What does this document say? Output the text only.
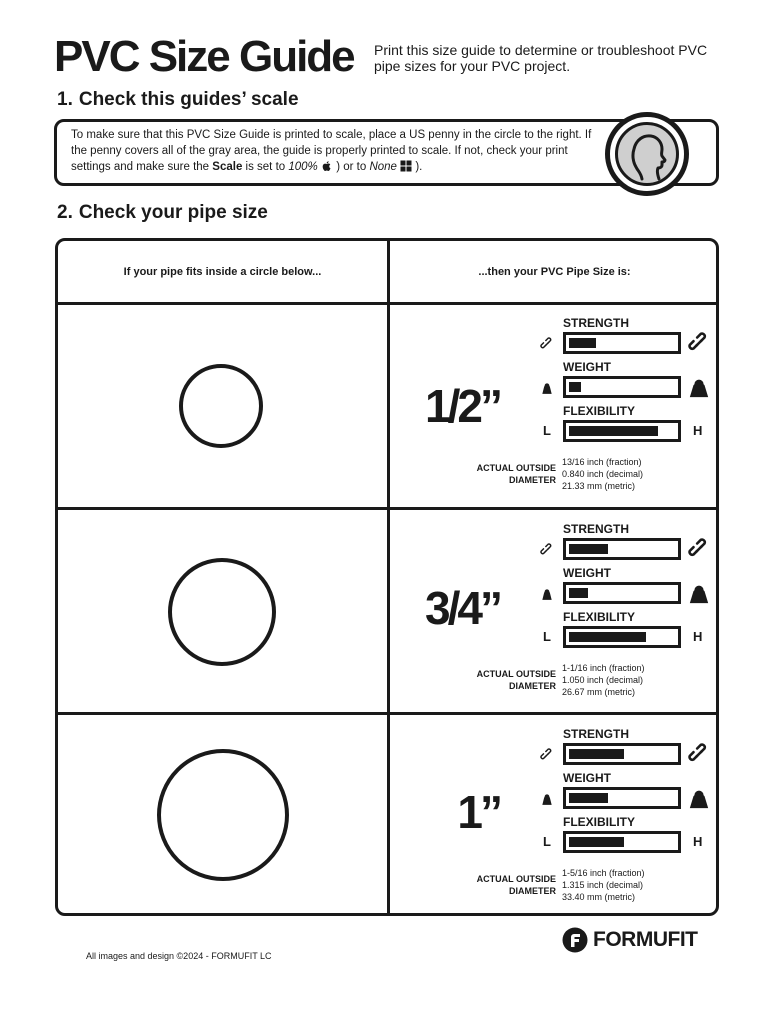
PVC Size Guide Print this size guide to determine or troubleshoot PVC pipe sizes for your PVC project.
1. Check this guides’ scale
To make sure that this PVC Size Guide is printed to scale, place a US penny in the circle to the right. If the penny covers all of the gray area, the guide is properly printed to scale. If not, check your print settings and make sure the Scale is set to 100%  ) or to None  ).
2. Check your pipe size
If your pipe fits inside a circle below...	...then your PVC Pipe Size is:
1/2”
STRENGTH
WEIGHT
FLEXIBILITY
L	H
ACTUAL OUTSIDE
DIAMETER
13/16 inch (fraction)
0.840 inch (decimal)
21.33 mm (metric)
3/4”
STRENGTH
WEIGHT
FLEXIBILITY
L	H
ACTUAL OUTSIDE
DIAMETER
1-1/16 inch (fraction)
1.050 inch (decimal)
26.67 mm (metric)
1”
STRENGTH
WEIGHT
FLEXIBILITY
L	H
ACTUAL OUTSIDE
DIAMETER
1-5/16 inch (fraction)
1.315 inch (decimal)
33.40 mm (metric)
All images and design ©2024 - FORMUFIT LC
FORMUFIT
